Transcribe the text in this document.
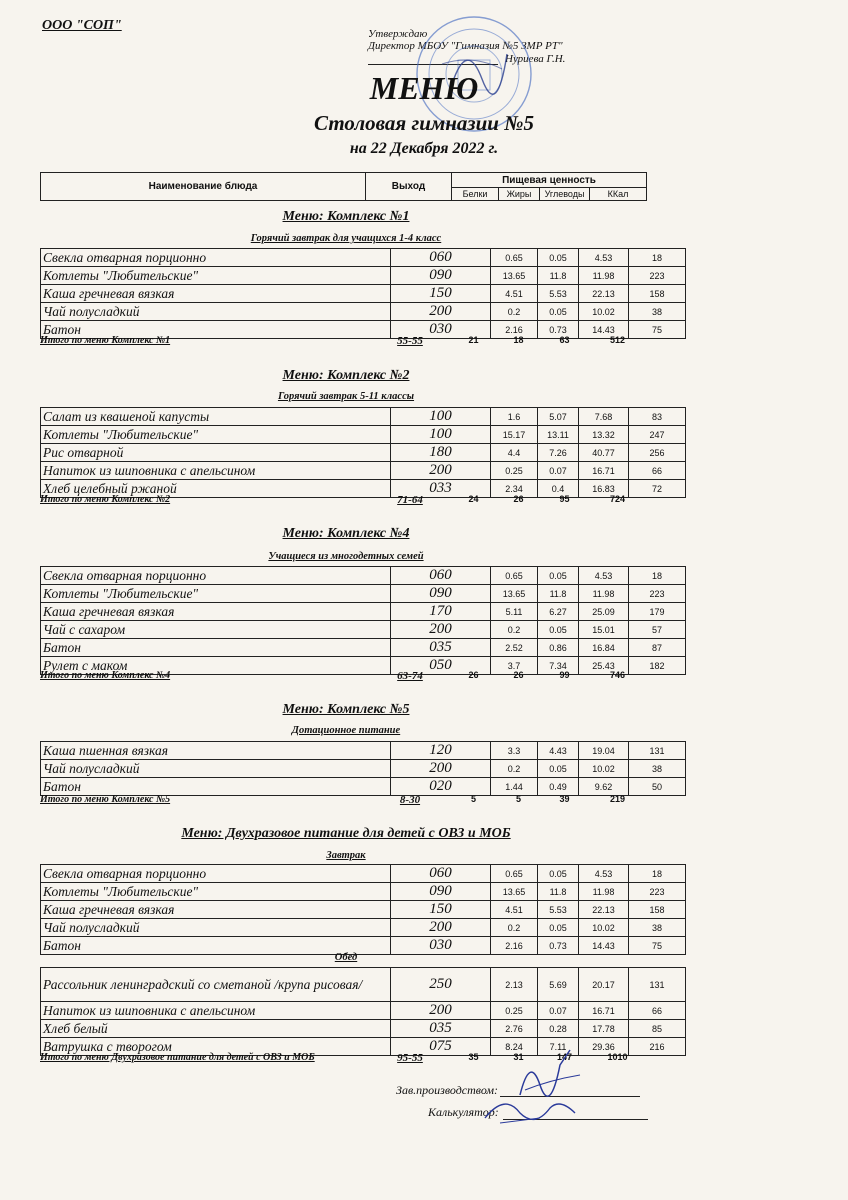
ООО "СОП"
Утверждаю
Директор МБОУ "Гимназия №5 ЗМР РТ"
Нуриева Г.Н.
МЕНЮ
Столовая гимназии №5
на 22 Декабря 2022 г.
Наименование блюда	Выход	Пищевая ценность			
		Белки	Жиры	Углеводы	ККал
Меню: Комплекс №1
Горячий завтрак для учащихся 1-4 класс
Свекла отварная порционно	060	0.65	0.05	4.53	18
Котлеты "Любительские"	090	13.65	11.8	11.98	223
Каша гречневая вязкая	150	4.51	5.53	22.13	158
Чай полусладкий	200	0.2	0.05	10.02	38
Батон	030	2.16	0.73	14.43	75
Итого по меню Комплекс №1	55-55	21	18	63	512
Меню: Комплекс №2
Горячий завтрак 5-11 классы
Салат из квашеной капусты	100	1.6	5.07	7.68	83
Котлеты "Любительские"	100	15.17	13.11	13.32	247
Рис отварной	180	4.4	7.26	40.77	256
Напиток из шиповника с апельсином	200	0.25	0.07	16.71	66
Хлеб целебный ржаной	033	2.34	0.4	16.83	72
Итого по меню Комплекс №2	71-64	24	26	95	724
Меню: Комплекс №4
Учащиеся из многодетных семей
Свекла отварная порционно	060	0.65	0.05	4.53	18
Котлеты "Любительские"	090	13.65	11.8	11.98	223
Каша гречневая вязкая	170	5.11	6.27	25.09	179
Чай с сахаром	200	0.2	0.05	15.01	57
Батон	035	2.52	0.86	16.84	87
Рулет с маком	050	3.7	7.34	25.43	182
Итого по меню Комплекс №4	63-74	26	26	99	746
Меню: Комплекс №5
Дотационное питание
Каша пшенная вязкая	120	3.3	4.43	19.04	131
Чай полусладкий	200	0.2	0.05	10.02	38
Батон	020	1.44	0.49	9.62	50
Итого по меню Комплекс №5	8-30	5	5	39	219
Меню: Двухразовое питание для детей с ОВЗ и МОБ
Завтрак
Свекла отварная порционно	060	0.65	0.05	4.53	18
Котлеты "Любительские"	090	13.65	11.8	11.98	223
Каша гречневая вязкая	150	4.51	5.53	22.13	158
Чай полусладкий	200	0.2	0.05	10.02	38
Батон	030	2.16	0.73	14.43	75
Обед
Рассольник ленинградский со сметаной /крупа рисовая/	250	2.13	5.69	20.17	131
Напиток из шиповника с апельсином	200	0.25	0.07	16.71	66
Хлеб белый	035	2.76	0.28	17.78	85
Ватрушка с творогом	075	8.24	7.11	29.36	216
Итого по меню Двухразовое питание для детей с ОВЗ и МОБ	95-55	35	31	147	1010
Зав.производством:
Калькулятор:
